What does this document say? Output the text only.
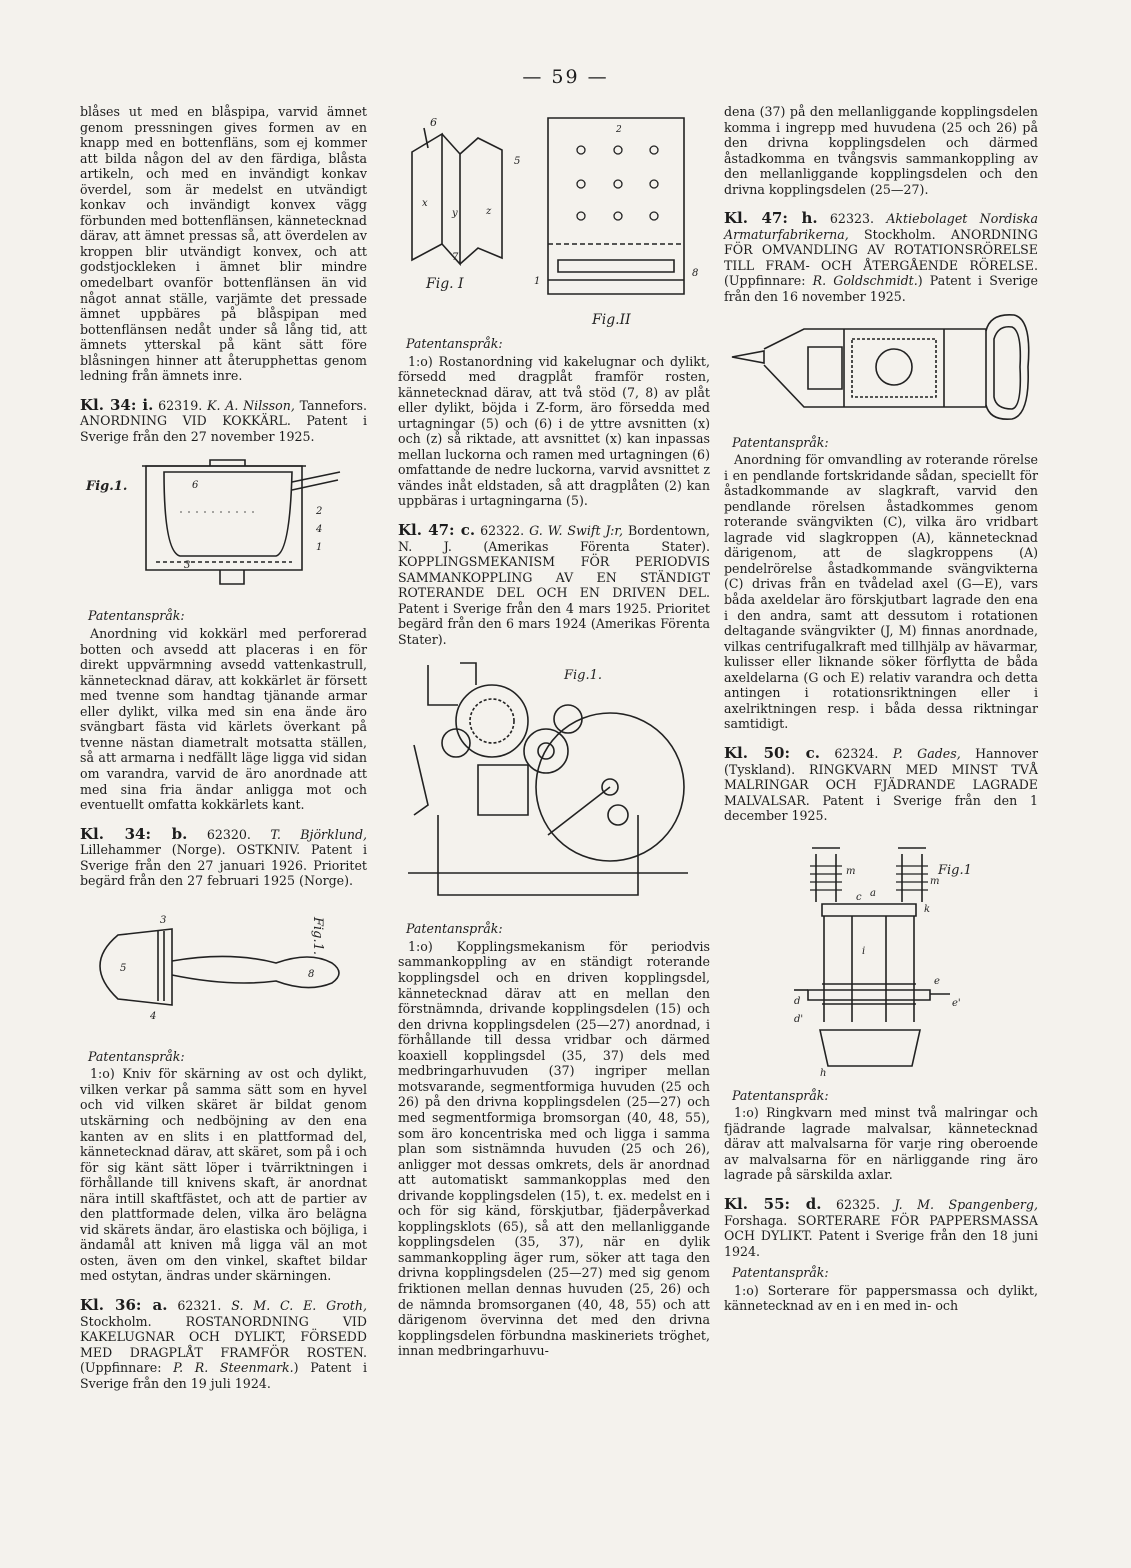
— 59 —

blåses ut med en blåspipa, varvid ämnet genom pressningen gives formen av en knapp med en bottenfläns, som ej kommer att bilda någon del av den färdiga, blåsta artikeln, och med en invändigt konkav överdel, som är medelst en utvändigt konkav och invändigt konvex vägg förbunden med bottenflänsen, kännetecknad därav, att ämnet pressas så, att överdelen av kroppen blir utvändigt konvex, och att godstjockleken i ämnet blir mindre omedelbart ovanför bottenflänsen än vid något annat ställe, varjämte det pressade ämnet uppbäres på blåspipan med bottenflänsen nedåt under så lång tid, att ämnets ytterskal på känt sätt före blåsningen hinner att återupphettas genom ledning från ämnets inre.

Kl. 34: i. 62319. K. A. Nilsson, Tannefors. ANORDNING VID KOKKÄRL. Patent i Sverige från den 27 november 1925.

Fig.1.	6
3
4
2
1

Patentanspråk:

Anordning vid kokkärl med perforerad botten och avsedd att placeras i en för direkt uppvärmning avsedd vattenkastrull, kännetecknad därav, att kokkärlet är försett med tvenne som handtag tjänande armar eller dylikt, vilka med sin ena ände äro svängbart fästa vid kärlets överkant på tvenne nästan diametralt motsatta ställen, så att armarna i nedfällt läge ligga vid sidan om varandra, varvid de äro anordnade att med sina fria ändar anligga mot och eventuellt omfatta kokkärlets kant.

Kl. 34: b. 62320. T. Björklund, Lillehammer (Norge). OSTKNIV. Patent i Sverige från den 27 januari 1926. Prioritet begärd från den 27 februari 1925 (Norge).

3
5
4
8
Fig.1.

Patentanspråk:

1:o) Kniv för skärning av ost och dylikt, vilken verkar på samma sätt som en hyvel och vid vilken skäret är bildat genom utskärning och nedböjning av den ena kanten av en slits i en plattformad del, kännetecknad därav, att skäret, som på i och för sig känt sätt löper i tvärriktningen i förhållande till knivens skaft, är anordnat nära intill skaftfästet, och att de partier av den plattformade delen, vilka äro belägna vid skärets ändar, äro elastiska och böjliga, i ändamål att kniven må ligga väl an mot osten, även om den vinkel, skaftet bildar med ostytan, ändras under skärningen.

Kl. 36: a. 62321. S. M. C. E. Groth, Stockholm. ROSTANORDNING VID KAKELUGNAR OCH DYLIKT, FÖRSEDD MED DRAGPLÅT FRAMFÖR ROSTEN. (Uppfinnare: P. R. Steenmark.) Patent i Sverige från den 19 juli 1924.

6
x
y	z
5
7
Fig. I
2
1
8
Fig.II

Patentanspråk:

1:o) Rostanordning vid kakelugnar och dylikt, försedd med dragplåt framför rosten, kännetecknad därav, att två stöd (7, 8) av plåt eller dylikt, böjda i Z-form, äro försedda med urtagningar (5) och (6) i de yttre avsnitten (x) och (z) så riktade, att avsnittet (x) kan inpassas mellan luckorna och ramen med urtagningen (6) omfattande de nedre luckorna, varvid avsnittet z vändes inåt eldstaden, så att dragplåten (2) kan uppbäras i urtagningarna (5).

Kl. 47: c. 62322. G. W. Swift J:r, Bordentown, N. J. (Amerikas Förenta Stater). KOPPLINGSMEKANISM FÖR PERIODVIS SAMMANKOPPLING AV EN STÄNDIGT ROTERANDE DEL OCH EN DRIVEN DEL. Patent i Sverige från den 4 mars 1925. Prioritet begärd från den 6 mars 1924 (Amerikas Förenta Stater).

Fig.1.

Patentanspråk:

1:o) Kopplingsmekanism för periodvis sammankoppling av en ständigt roterande kopplingsdel och en driven kopplingsdel, kännetecknad därav att en mellan den förstnämnda, drivande kopplingsdelen (15) och den drivna kopplingsdelen (25—27) anordnad, i förhållande till dessa vridbar och därmed koaxiell kopplingsdel (35, 37) dels med medbringarhuvuden (37) ingriper mellan motsvarande, segmentformiga huvuden (25 och 26) på den drivna kopplingsdelen (25—27) och med segmentformiga bromsorgan (40, 48, 55), som äro koncentriska med och ligga i samma plan som sistnämnda huvuden (25 och 26), anligger mot dessas omkrets, dels är anordnad att automatiskt sammankopplas med den drivande kopplingsdelen (15), t. ex. medelst en i och för sig känd, förskjutbar, fjäderpåverkad kopplingsklots (65), så att den mellanliggande kopplingsdelen (35, 37), när en dylik sammankoppling äger rum, söker att taga den drivna kopplingsdelen (25—27) med sig genom friktionen mellan dennas huvuden (25, 26) och de nämnda bromsorganen (40, 48, 55) och att därigenom övervinna det med den drivna kopplingsdelen förbundna maskineriets tröghet, innan medbringarhuvu-

dena (37) på den mellanliggande kopplingsdelen komma i ingrepp med huvudena (25 och 26) på den drivna kopplingsdelen och därmed åstadkomma en tvångsvis sammankoppling av den mellanliggande kopplingsdelen och den drivna kopplingsdelen (25—27).

Kl. 47: h. 62323. Aktiebolaget Nordiska Armaturfabrikerna, Stockholm. ANORDNING FÖR OMVANDLING AV ROTATIONSRÖRELSE TILL FRAM- OCH ÅTERGÅENDE RÖRELSE. (Uppfinnare: R. Goldschmidt.) Patent i Sverige från den 16 november 1925.

Patentanspråk:

Anordning för omvandling av roterande rörelse i en pendlande fortskridande sådan, speciellt för åstadkommande av slagkraft, varvid den pendlande rörelsen åstadkommes genom roterande svängvikten (C), vilka äro vridbart lagrade vid slagkroppen (A), kännetecknad därigenom, att de slagkroppens (A) pendelrörelse åstadkommande svängvikterna (C) drivas från en tvådelad axel (G—E), vars båda axeldelar äro förskjutbart lagrade den ena i den andra, samt att dessutom i rotationen deltagande svängvikter (J, M) finnas anordnade, vilkas centrifugalkraft med tillhjälp av hävarmar, kulisser eller liknande söker förflytta de båda axeldelarna (G och E) relativ varandra och detta antingen i rotationsriktningen eller i axelriktningen resp. i båda dessa riktningar samtidigt.

Kl. 50: c. 62324. P. Gades, Hannover (Tyskland). RINGKVARN MED MINST TVÅ MALRINGAR OCH FJÄDRANDE LAGRADE MALVALSAR. Patent i Sverige från den 1 december 1925.

Fig.1
m
m
a
c
k
i
e
e'
d
d'
h

Patentanspråk:

1:o) Ringkvarn med minst två malringar och fjädrande lagrade malvalsar, kännetecknad därav att malvalsarna för varje ring oberoende av malvalsarna för en närliggande ring äro lagrade på särskilda axlar.

Kl. 55: d. 62325. J. M. Spangenberg, Forshaga. SORTERARE FÖR PAPPERSMASSA OCH DYLIKT. Patent i Sverige från den 18 juni 1924.

Patentanspråk:

1:o) Sorterare för pappersmassa och dylikt, kännetecknad av en i en med in- och
